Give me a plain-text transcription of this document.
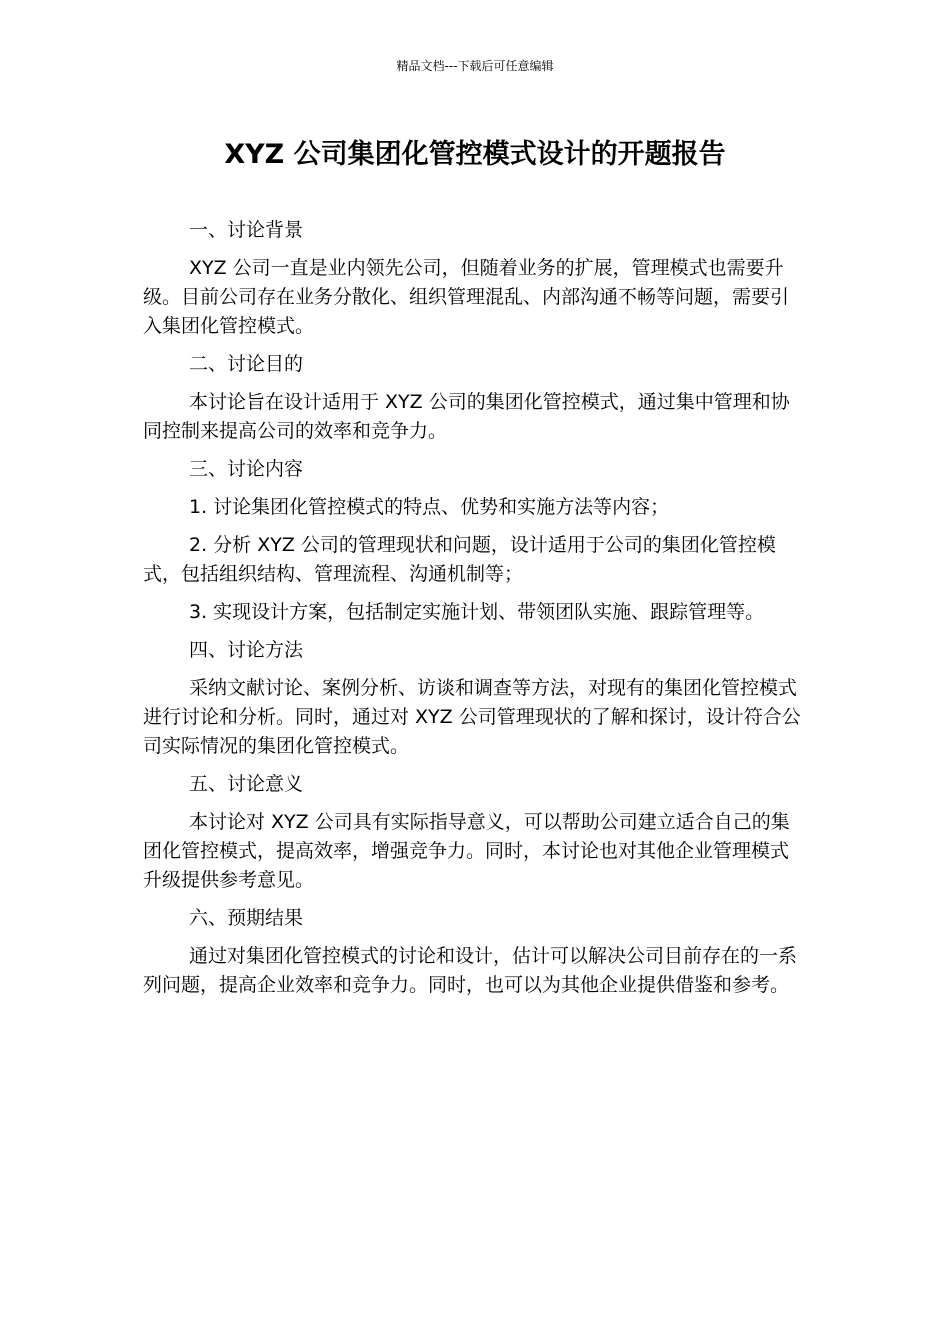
精品文档---下载后可任意编辑
XYZ 公司集团化管控模式设计的开题报告

一、讨论背景

XYZ 公司一直是业内领先公司，但随着业务的扩展，管理模式也需要升级。目前公司存在业务分散化、组织管理混乱、内部沟通不畅等问题，需要引入集团化管控模式。

二、讨论目的

本讨论旨在设计适用于 XYZ 公司的集团化管控模式，通过集中管理和协同控制来提高公司的效率和竞争力。

三、讨论内容

1. 讨论集团化管控模式的特点、优势和实施方法等内容；

2. 分析 XYZ 公司的管理现状和问题，设计适用于公司的集团化管控模式，包括组织结构、管理流程、沟通机制等；

3. 实现设计方案，包括制定实施计划、带领团队实施、跟踪管理等。

四、讨论方法

采纳文献讨论、案例分析、访谈和调查等方法，对现有的集团化管控模式进行讨论和分析。同时，通过对 XYZ 公司管理现状的了解和探讨，设计符合公司实际情况的集团化管控模式。

五、讨论意义

本讨论对 XYZ 公司具有实际指导意义，可以帮助公司建立适合自己的集团化管控模式，提高效率，增强竞争力。同时，本讨论也对其他企业管理模式升级提供参考意见。

六、预期结果

通过对集团化管控模式的讨论和设计，估计可以解决公司目前存在的一系列问题，提高企业效率和竞争力。同时，也可以为其他企业提供借鉴和参考。
